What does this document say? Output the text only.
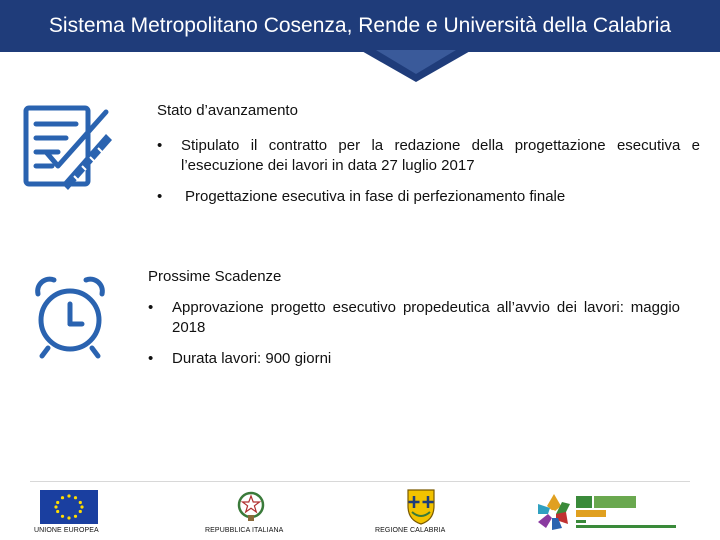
Sistema Metropolitano Cosenza, Rende e Università della Calabria
Stato d’avanzamento
• Stipulato il contratto per la redazione della progettazione esecutiva e l’esecuzione dei lavori in data 27 luglio 2017
• Progettazione esecutiva in fase di perfezionamento finale
Prossime Scadenze
• Approvazione progetto esecutivo propedeutica all’avvio dei lavori: maggio 2018
• Durata lavori: 900 giorni
UNIONE EUROPEA	REPUBBLICA ITALIANA	REGIONE CALABRIA
